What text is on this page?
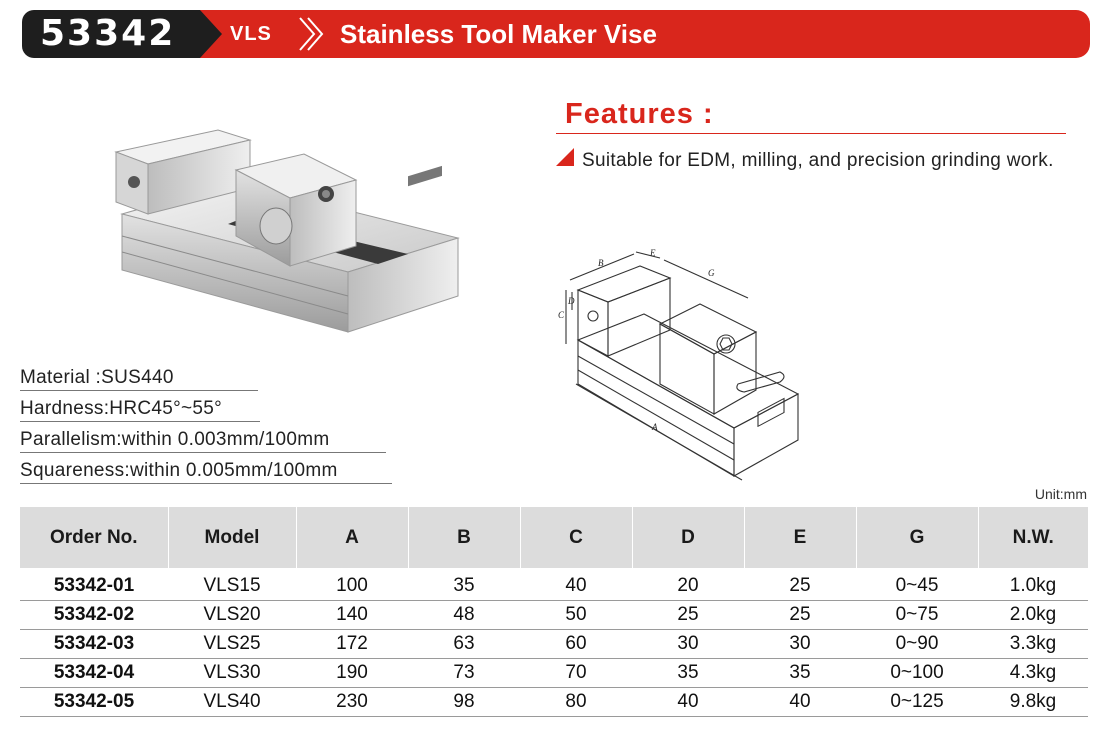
53342	VLS	Stainless Tool Maker Vise
Features :
Suitable for EDM, milling, and precision grinding work.
B
E
G
C
D
A
Material :SUS440
Hardness:HRC45°~55°
Parallelism:within 0.003mm/100mm
Squareness:within 0.005mm/100mm
Unit:mm
Order No.	Model	A	B	C	D	E	G	N.W.
53342-01	VLS15	100	35	40	20	25	0~45	1.0kg
53342-02	VLS20	140	48	50	25	25	0~75	2.0kg
53342-03	VLS25	172	63	60	30	30	0~90	3.3kg
53342-04	VLS30	190	73	70	35	35	0~100	4.3kg
53342-05	VLS40	230	98	80	40	40	0~125	9.8kg
